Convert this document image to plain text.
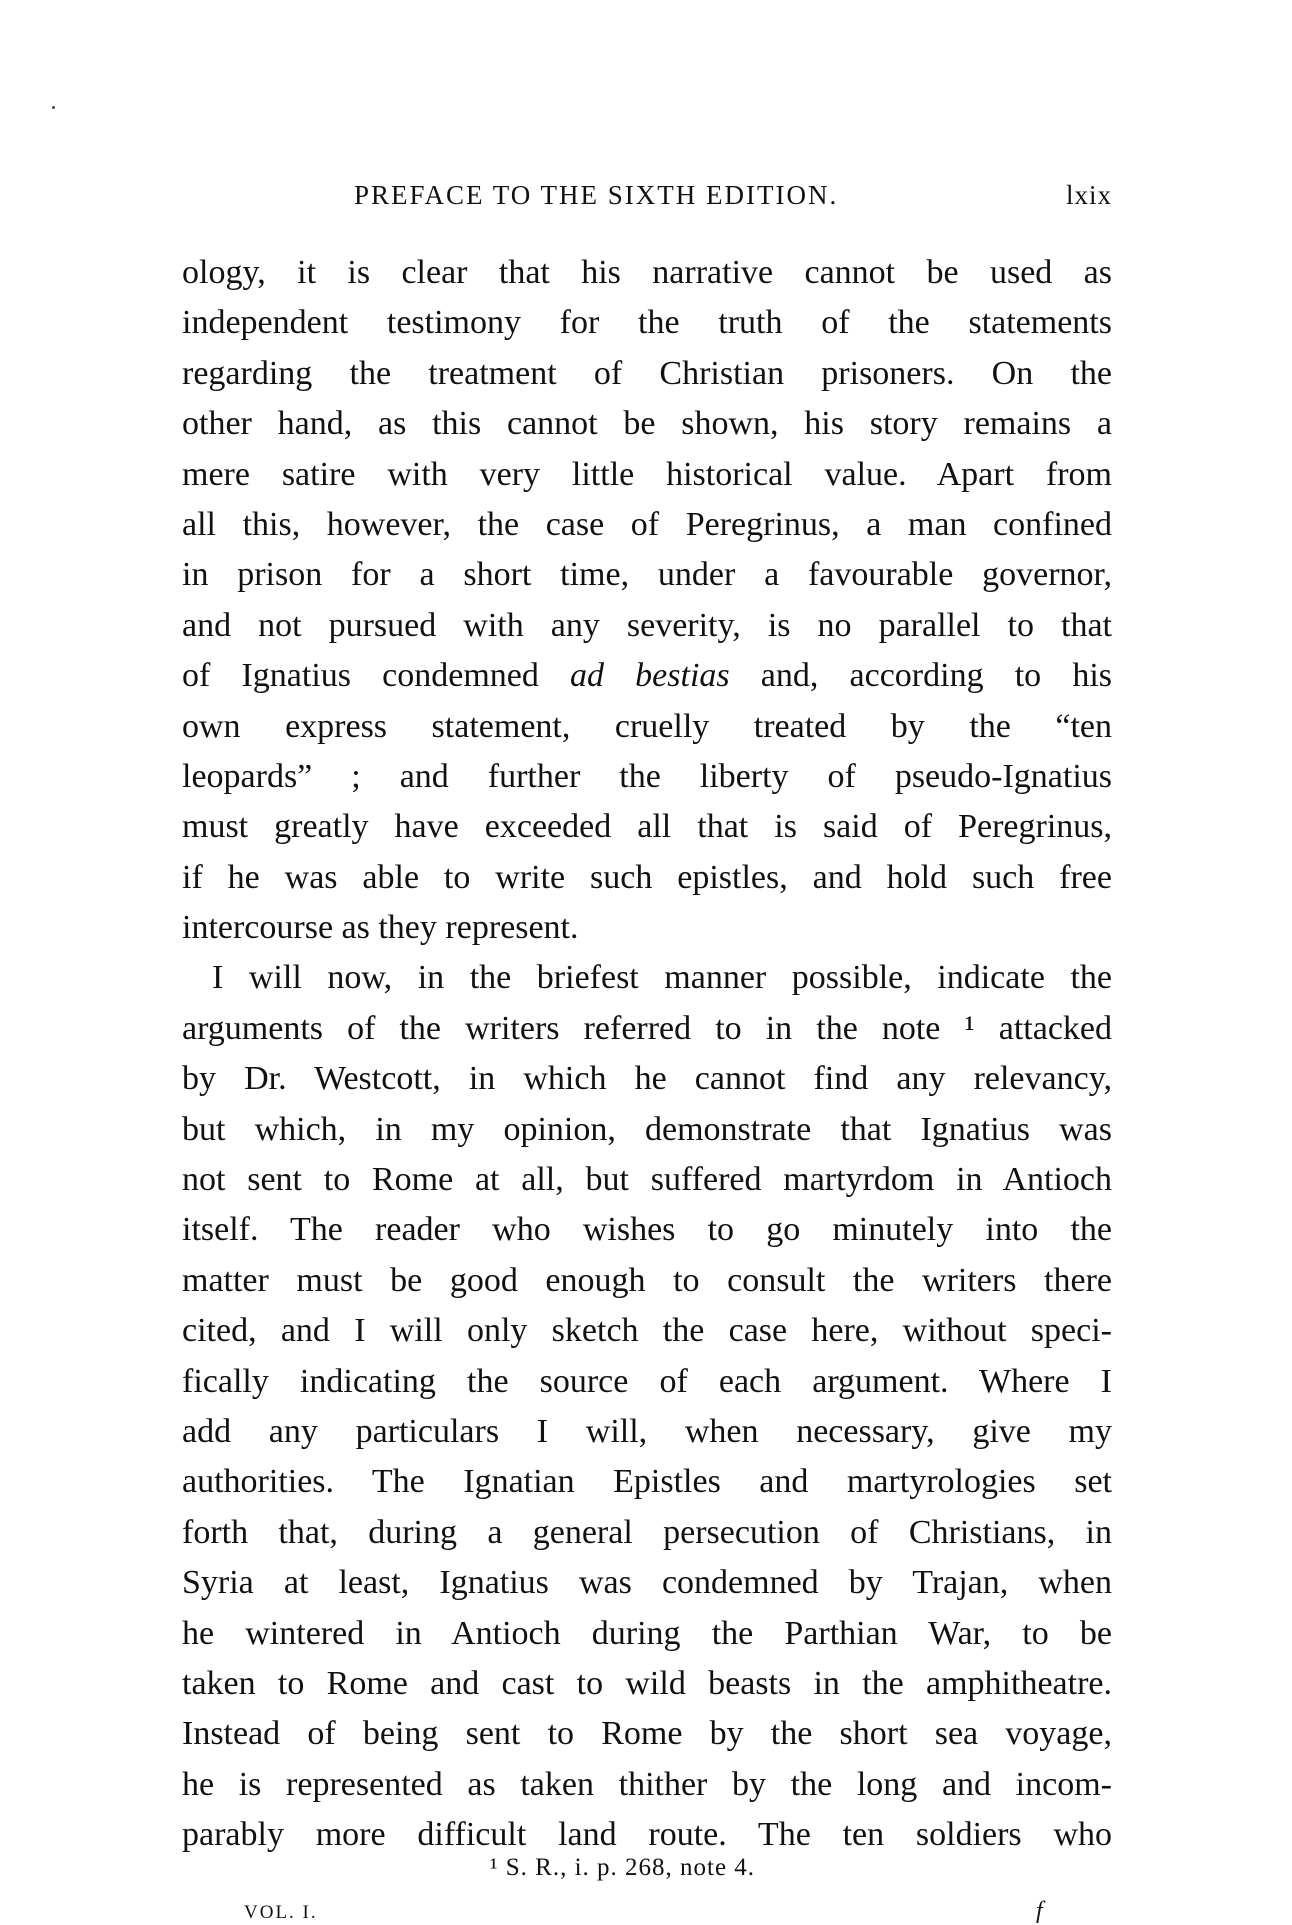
PREFACE TO THE SIXTH EDITION.	lxix
ology, it is clear that his narrative cannot be used as
independent testimony for the truth of the statements
regarding the treatment of Christian prisoners. On the
other hand, as this cannot be shown, his story remains a
mere satire with very little historical value. Apart from
all this, however, the case of Peregrinus, a man confined
in prison for a short time, under a favourable governor,
and not pursued with any severity, is no parallel to that
of Ignatius condemned ad bestias and, according to his
own express statement, cruelly treated by the “ten
leopards” ; and further the liberty of pseudo-Ignatius
must greatly have exceeded all that is said of Peregrinus,
if he was able to write such epistles, and hold such free
intercourse as they represent.
I will now, in the briefest manner possible, indicate the
arguments of the writers referred to in the note ¹ attacked
by Dr. Westcott, in which he cannot find any relevancy,
but which, in my opinion, demonstrate that Ignatius was
not sent to Rome at all, but suffered martyrdom in Antioch
itself. The reader who wishes to go minutely into the
matter must be good enough to consult the writers there
cited, and I will only sketch the case here, without speci-
fically indicating the source of each argument. Where I
add any particulars I will, when necessary, give my
authorities. The Ignatian Epistles and martyrologies set
forth that, during a general persecution of Christians, in
Syria at least, Ignatius was condemned by Trajan, when
he wintered in Antioch during the Parthian War, to be
taken to Rome and cast to wild beasts in the amphitheatre.
Instead of being sent to Rome by the short sea voyage,
he is represented as taken thither by the long and incom-
parably more difficult land route. The ten soldiers who
¹ S. R., i. p. 268, note 4.
VOL. I.	f
